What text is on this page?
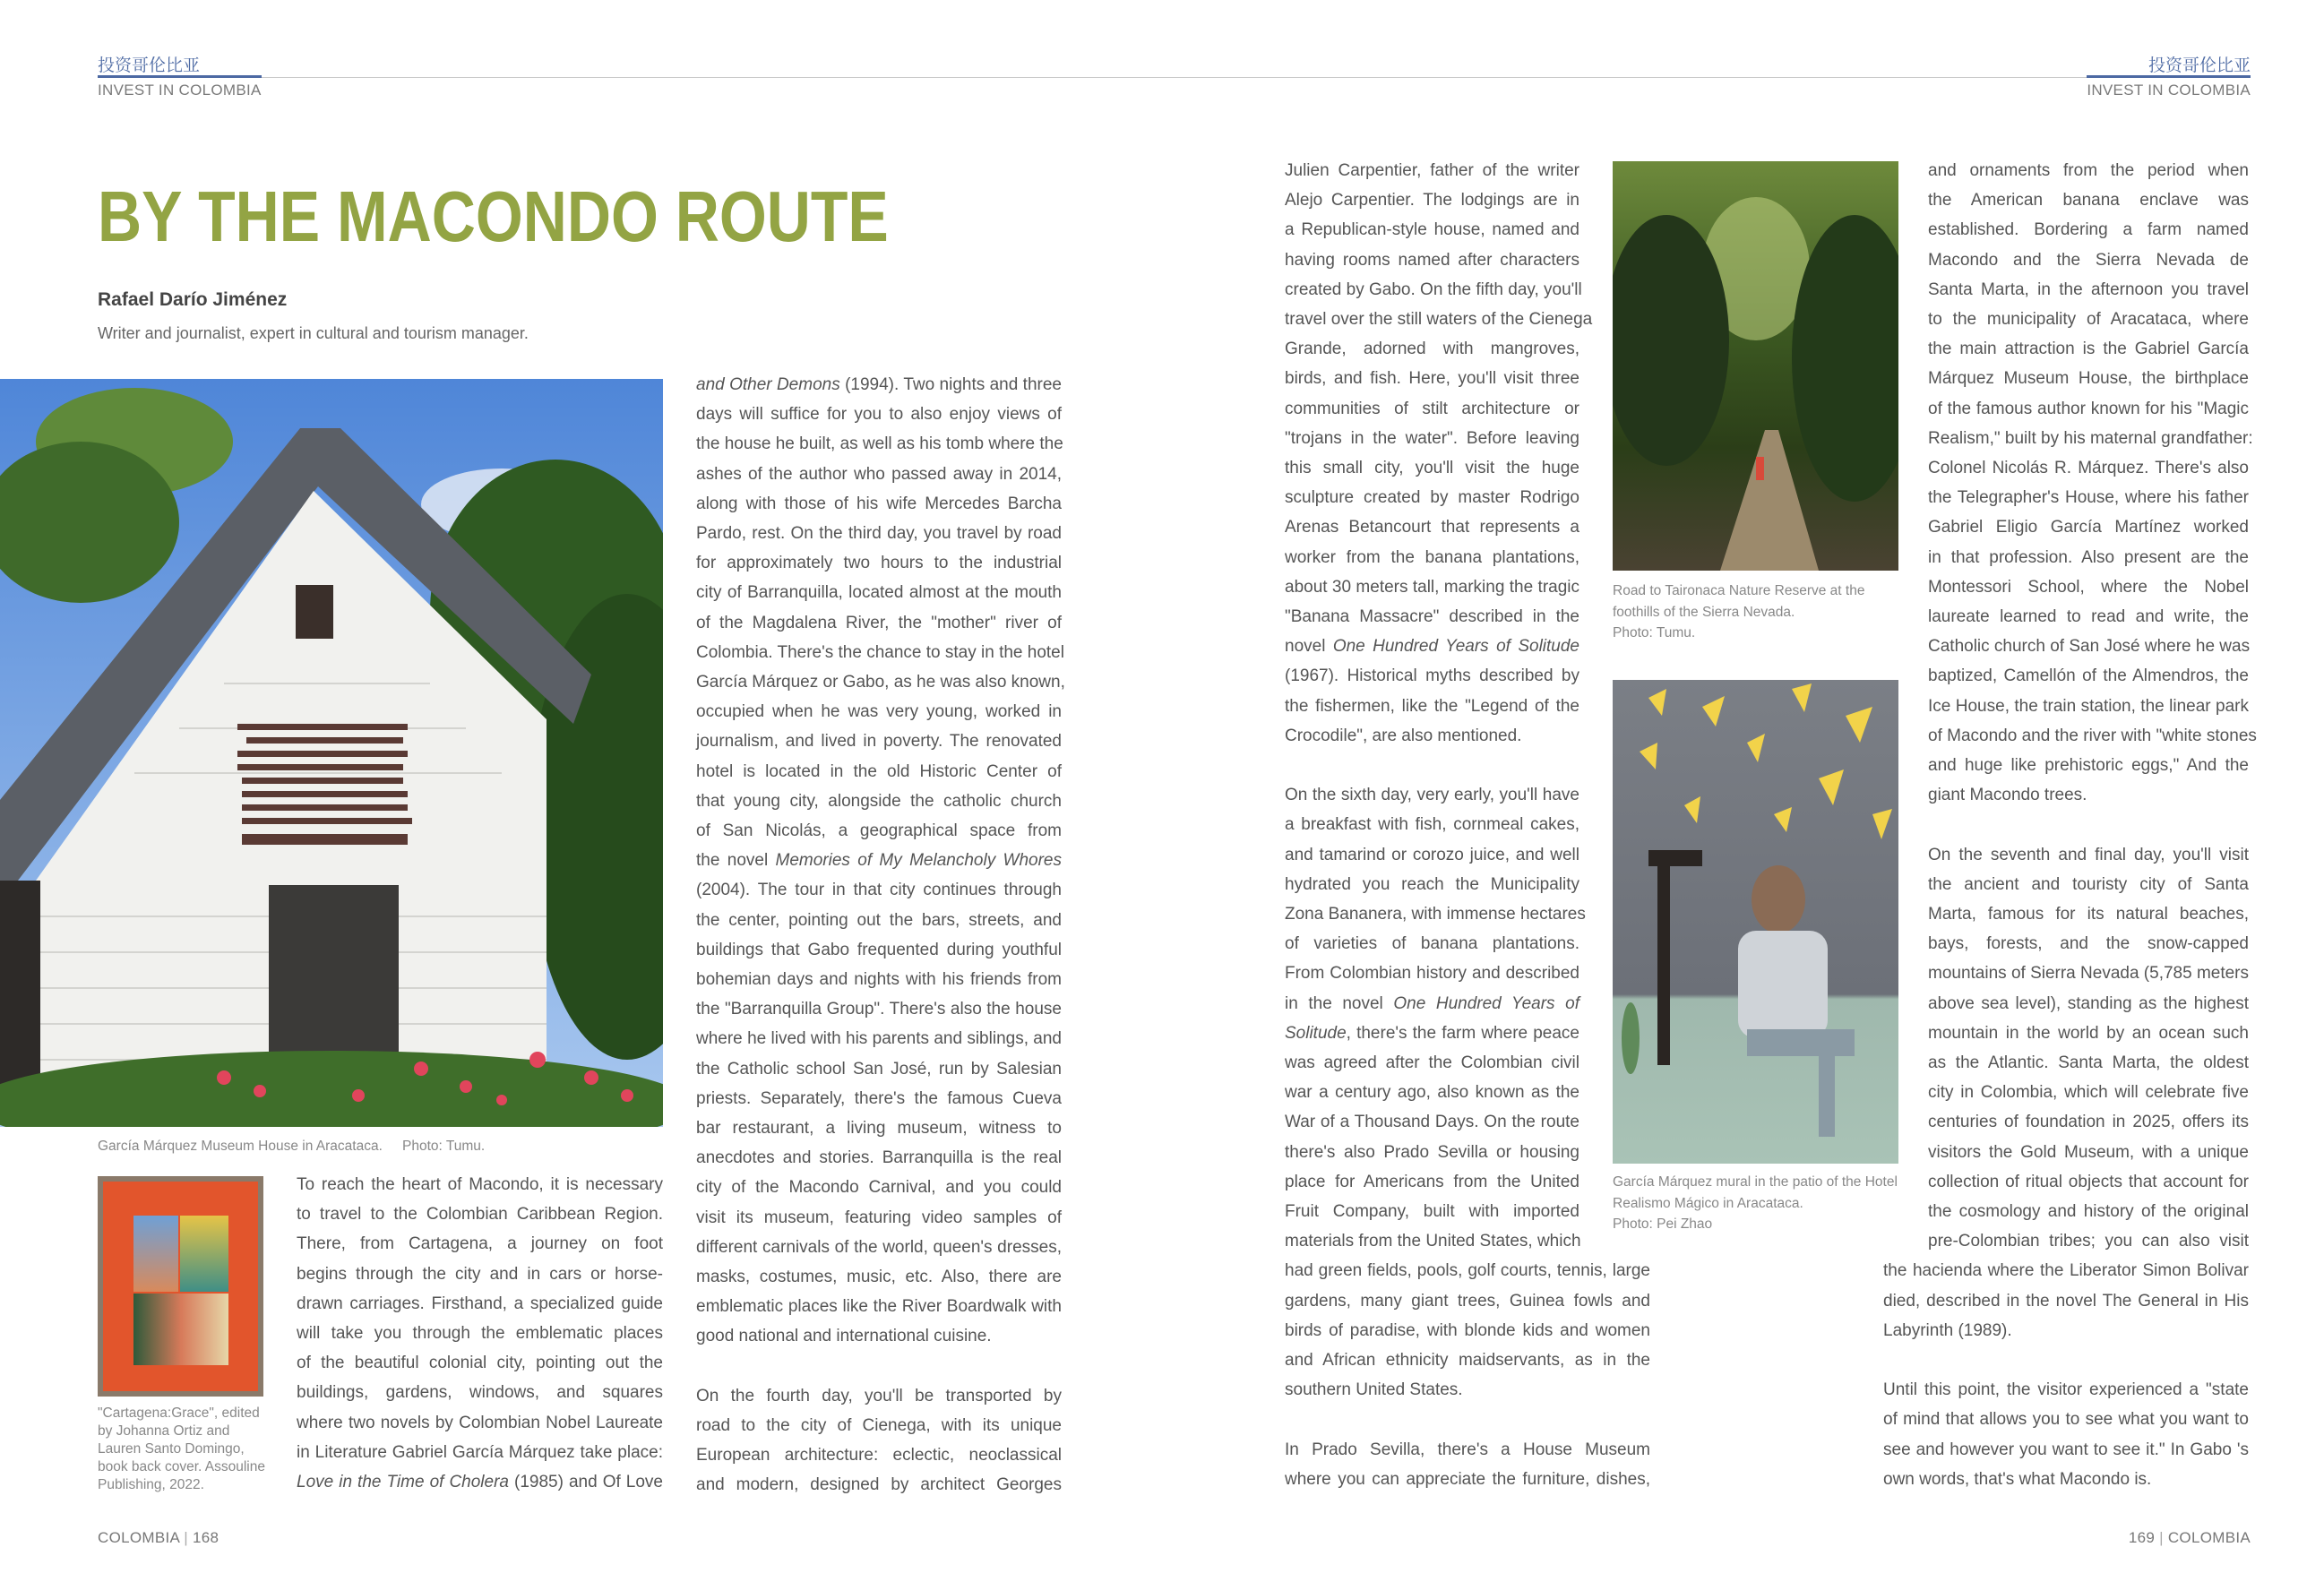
投资哥伦比亚
INVEST IN COLOMBIA
投资哥伦比亚
INVEST IN COLOMBIA
BY THE MACONDO ROUTE
Rafael Darío Jiménez
Writer and journalist, expert in cultural and tourism manager.
García Márquez Museum House in Aracataca. Photo: Tumu.
"Cartagena:Grace", edited
by Johanna Ortiz and
Lauren Santo Domingo,
book back cover. Assouline
Publishing, 2022.
Road to Taironaca Nature Reserve at the
foothills of the Sierra Nevada.
Photo: Tumu.
García Márquez mural in the patio of the Hotel
Realismo Mágico in Aracataca.
Photo: Pei Zhao
To reach the heart of Macondo, it is necessary
to travel to the Colombian Caribbean Region.
There, from Cartagena, a journey on foot
begins through the city and in cars or horse-
drawn carriages. Firsthand, a specialized guide
will take you through the emblematic places
of the beautiful colonial city, pointing out the
buildings, gardens, windows, and squares
where two novels by Colombian Nobel Laureate
in Literature Gabriel García Márquez take place:
Love in the Time of Cholera (1985) and Of Love
and Other Demons (1994). Two nights and three
days will suffice for you to also enjoy views of
the house he built, as well as his tomb where the
ashes of the author who passed away in 2014,
along with those of his wife Mercedes Barcha
Pardo, rest. On the third day, you travel by road
for approximately two hours to the industrial
city of Barranquilla, located almost at the mouth
of the Magdalena River, the "mother" river of
Colombia. There's the chance to stay in the hotel
García Márquez or Gabo, as he was also known,
occupied when he was very young, worked in
journalism, and lived in poverty. The renovated
hotel is located in the old Historic Center of
that young city, alongside the catholic church
of San Nicolás, a geographical space from
the novel Memories of My Melancholy Whores
(2004). The tour in that city continues through
the center, pointing out the bars, streets, and
buildings that Gabo frequented during youthful
bohemian days and nights with his friends from
the "Barranquilla Group". There's also the house
where he lived with his parents and siblings, and
the Catholic school San José, run by Salesian
priests. Separately, there's the famous Cueva
bar restaurant, a living museum, witness to
anecdotes and stories. Barranquilla is the real
city of the Macondo Carnival, and you could
visit its museum, featuring video samples of
different carnivals of the world, queen's dresses,
masks, costumes, music, etc. Also, there are
emblematic places like the River Boardwalk with
good national and international cuisine.
On the fourth day, you'll be transported by
road to the city of Cienega, with its unique
European architecture: eclectic, neoclassical
and modern, designed by architect Georges
Julien Carpentier, father of the writer
Alejo Carpentier. The lodgings are in
a Republican-style house, named and
having rooms named after characters
created by Gabo. On the fifth day, you'll
travel over the still waters of the Cienega
Grande, adorned with mangroves,
birds, and fish. Here, you'll visit three
communities of stilt architecture or
"trojans in the water". Before leaving
this small city, you'll visit the huge
sculpture created by master Rodrigo
Arenas Betancourt that represents a
worker from the banana plantations,
about 30 meters tall, marking the tragic
"Banana Massacre" described in the
novel One Hundred Years of Solitude
(1967). Historical myths described by
the fishermen, like the "Legend of the
Crocodile", are also mentioned.
On the sixth day, very early, you'll have
a breakfast with fish, cornmeal cakes,
and tamarind or corozo juice, and well
hydrated you reach the Municipality
Zona Bananera, with immense hectares
of varieties of banana plantations.
From Colombian history and described
in the novel One Hundred Years of
Solitude, there's the farm where peace
was agreed after the Colombian civil
war a century ago, also known as the
War of a Thousand Days. On the route
there's also Prado Sevilla or housing
place for Americans from the United
Fruit Company, built with imported
materials from the United States, which
had green fields, pools, golf courts, tennis, large
gardens, many giant trees, Guinea fowls and
birds of paradise, with blonde kids and women
and African ethnicity maidservants, as in the
southern United States.
In Prado Sevilla, there's a House Museum
where you can appreciate the furniture, dishes,
and ornaments from the period when
the American banana enclave was
established. Bordering a farm named
Macondo and the Sierra Nevada de
Santa Marta, in the afternoon you travel
to the municipality of Aracataca, where
the main attraction is the Gabriel García
Márquez Museum House, the birthplace
of the famous author known for his "Magic
Realism," built by his maternal grandfather:
Colonel Nicolás R. Márquez. There's also
the Telegrapher's House, where his father
Gabriel Eligio García Martínez worked
in that profession. Also present are the
Montessori School, where the Nobel
laureate learned to read and write, the
Catholic church of San José where he was
baptized, Camellón of the Almendros, the
Ice House, the train station, the linear park
of Macondo and the river with "white stones
and huge like prehistoric eggs," And the
giant Macondo trees.
On the seventh and final day, you'll visit
the ancient and touristy city of Santa
Marta, famous for its natural beaches,
bays, forests, and the snow-capped
mountains of Sierra Nevada (5,785 meters
above sea level), standing as the highest
mountain in the world by an ocean such
as the Atlantic. Santa Marta, the oldest
city in Colombia, which will celebrate five
centuries of foundation in 2025, offers its
visitors the Gold Museum, with a unique
collection of ritual objects that account for
the cosmology and history of the original
pre-Colombian tribes; you can also visit
the hacienda where the Liberator Simon Bolivar
died, described in the novel The General in His
Labyrinth (1989).
Until this point, the visitor experienced a "state
of mind that allows you to see what you want to
see and however you want to see it." In Gabo 's
own words, that's what Macondo is.
COLOMBIA | 168	169 | COLOMBIA
